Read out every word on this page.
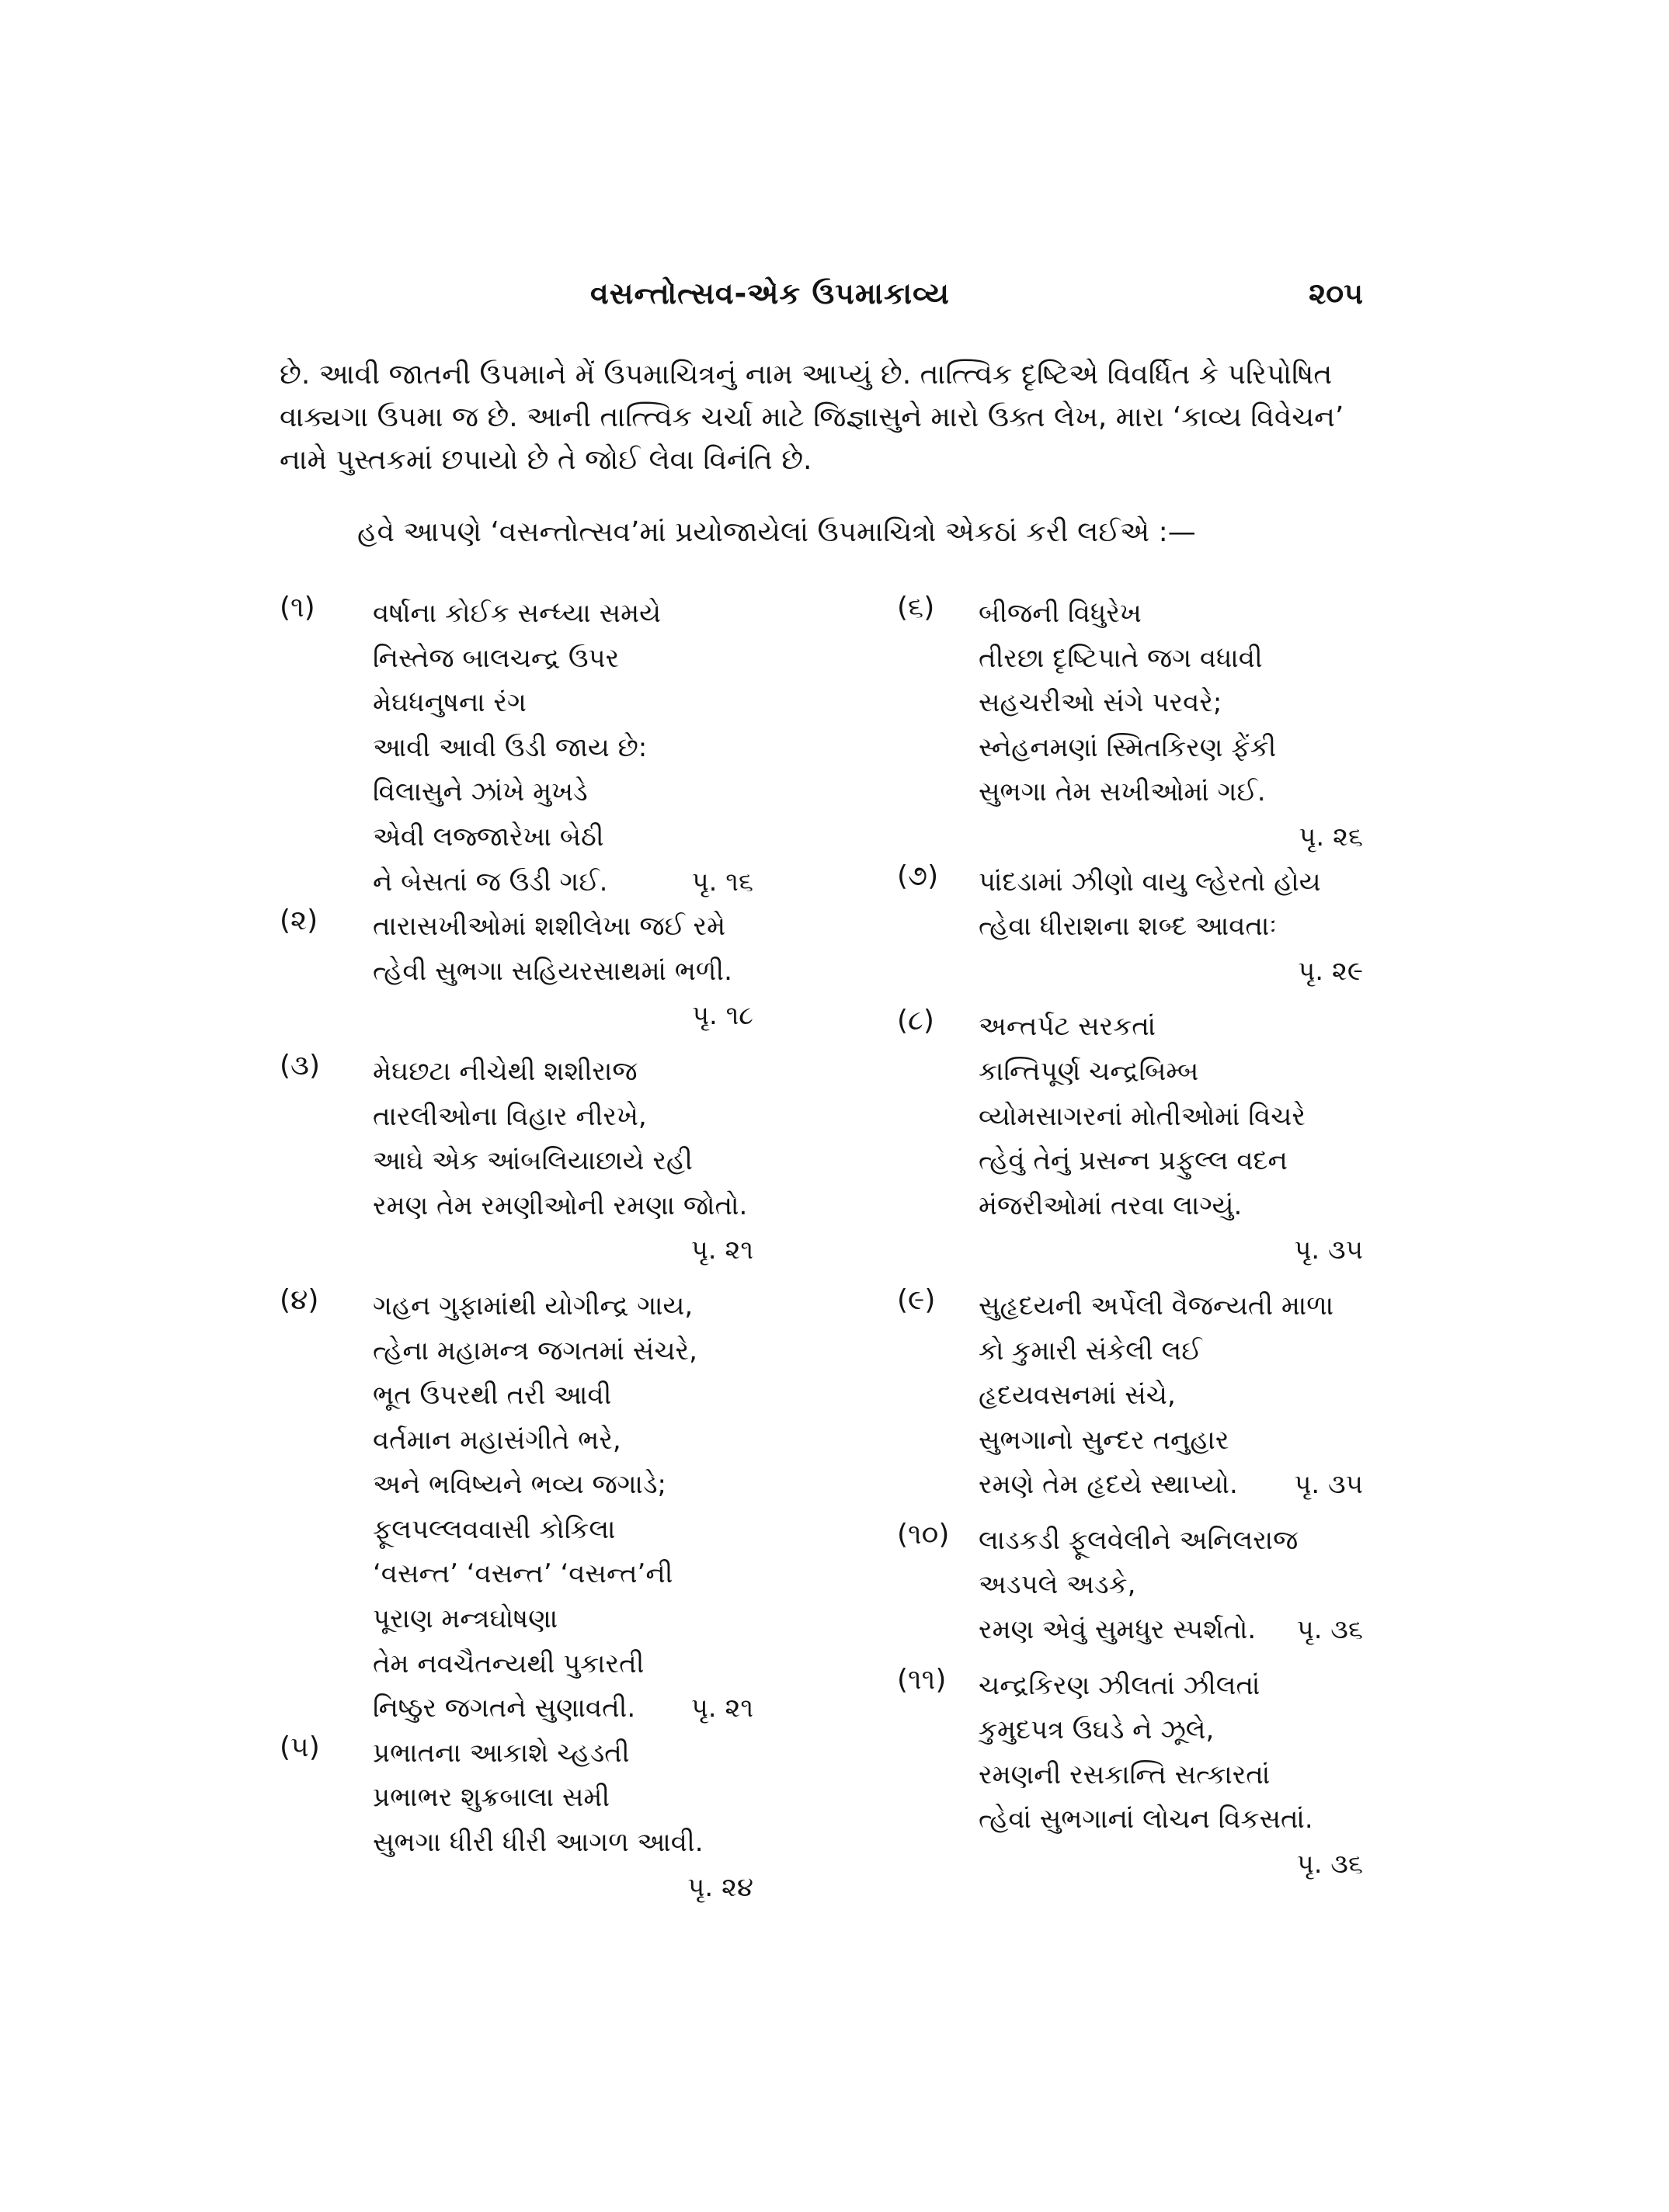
વસન્તોત્સવ-એક ઉપમાકાવ્ય	૨૦૫
છે. આવી જાતની ઉપમાને મેં ઉપમાચિત્રનું નામ આપ્યું છે. તાત્ત્વિક દૃષ્ટિએ વિવર્ધિત કે પરિપોષિત
વાક્યગા ઉપમા જ છે. આની તાત્ત્વિક ચર્ચા માટે જિજ્ઞાસુને મારો ઉક્ત લેખ, મારા ‘કાવ્ય વિવેચન’
નામે પુસ્તકમાં છપાયો છે તે જોઈ લેવા વિનંતિ છે.
હવે આપણે ‘વસન્તોત્સવ’માં પ્રયોજાયેલાં ઉપમાચિત્રો એકઠાં કરી લઈએ :—
(૧) વર્ષાના કોઈક સન્ધ્યા સમયે
નિસ્તેજ બાલચન્દ્ર ઉપર
મેઘધનુષના રંગ
આવી આવી ઉડી જાય છે:
વિલાસુને ઝાંખે મુખડે
એવી લજ્જારેખા બેઠી
ને બેસતાં જ ઉડી ગઈ.	પૃ. ૧૬
(૨) તારાસખીઓમાં શશીલેખા જઈ રમે
ત્હેવી સુભગા સહિયરસાથમાં ભળી.
પૃ. ૧૮
(૩) મેઘછટા નીચેથી શશીરાજ
તારલીઓના વિહાર નીરખે,
આઘે એક આંબલિયાછાયે રહી
રમણ તેમ રમણીઓની રમણા જોતો.
પૃ. ૨૧
(૪) ગહન ગુફામાંથી યોગીન્દ્ર ગાય,
ત્હેના મહામન્ત્ર જગતમાં સંચરે,
ભૂત ઉપરથી તરી આવી
વર્તમાન મહાસંગીતે ભરે,
અને ભવિષ્યને ભવ્ય જગાડે;
ફૂલપલ્લવવાસી કોકિલા
‘વસન્ત’ ‘વસન્ત’ ‘વસન્ત’ની
પૂરાણ મન્ત્રઘોષણા
તેમ નવચૈતન્યથી પુકારતી
નિષ્ઠુર જગતને સુણાવતી. પૃ. ૨૧
(૫) પ્રભાતના આકાશે ચ્હડતી
પ્રભાભર શુક્રબાલા સમી
સુભગા ધીરી ધીરી આગળ આવી.
પૃ. ૨૪
(૬) બીજની વિધુરેખ
તીરછા દૃષ્ટિપાતે જગ વધાવી
સહચરીઓ સંગે પરવરે;
સ્નેહનમણાં સ્મિતકિરણ ફેંકી
સુભગા તેમ સખીઓમાં ગઈ.
પૃ. ૨૬
(૭) પાંદડામાં ઝીણો વાયુ લ્હેરતો હોય
ત્હેવા ધીરાશના શબ્દ આવતાઃ
પૃ. ૨૯
(૮) અન્તર્પટ સરકતાં
કાન્તિપૂર્ણ ચન્દ્રબિમ્બ
વ્યોમસાગરનાં મોતીઓમાં વિચરે
ત્હેવું તેનું પ્રસન્ન પ્રફુલ્લ વદન
મંજરીઓમાં તરવા લાગ્યું.
પૃ. ૩૫
(૯) સુહૃદયની અર્પેલી વૈજન્યતી માળા
કો કુમારી સંકેલી લઈ
હૃદયવસનમાં સંચે,
સુભગાનો સુન્દર તનુહાર
રમણે તેમ હૃદયે સ્થાપ્યો. પૃ. ૩૫
(૧૦) લાડકડી ફૂલવેલીને અનિલરાજ
અડપલે અડકે,
રમણ એવું સુમધુર સ્પર્શતો. પૃ. ૩૬
(૧૧) ચન્દ્રકિરણ ઝીલતાં ઝીલતાં
કુમુદપત્ર ઉઘડે ને ઝૂલે,
રમણની રસકાન્તિ સત્કારતાં
ત્હેવાં સુભગાનાં લોચન વિકસતાં.
પૃ. ૩૬
